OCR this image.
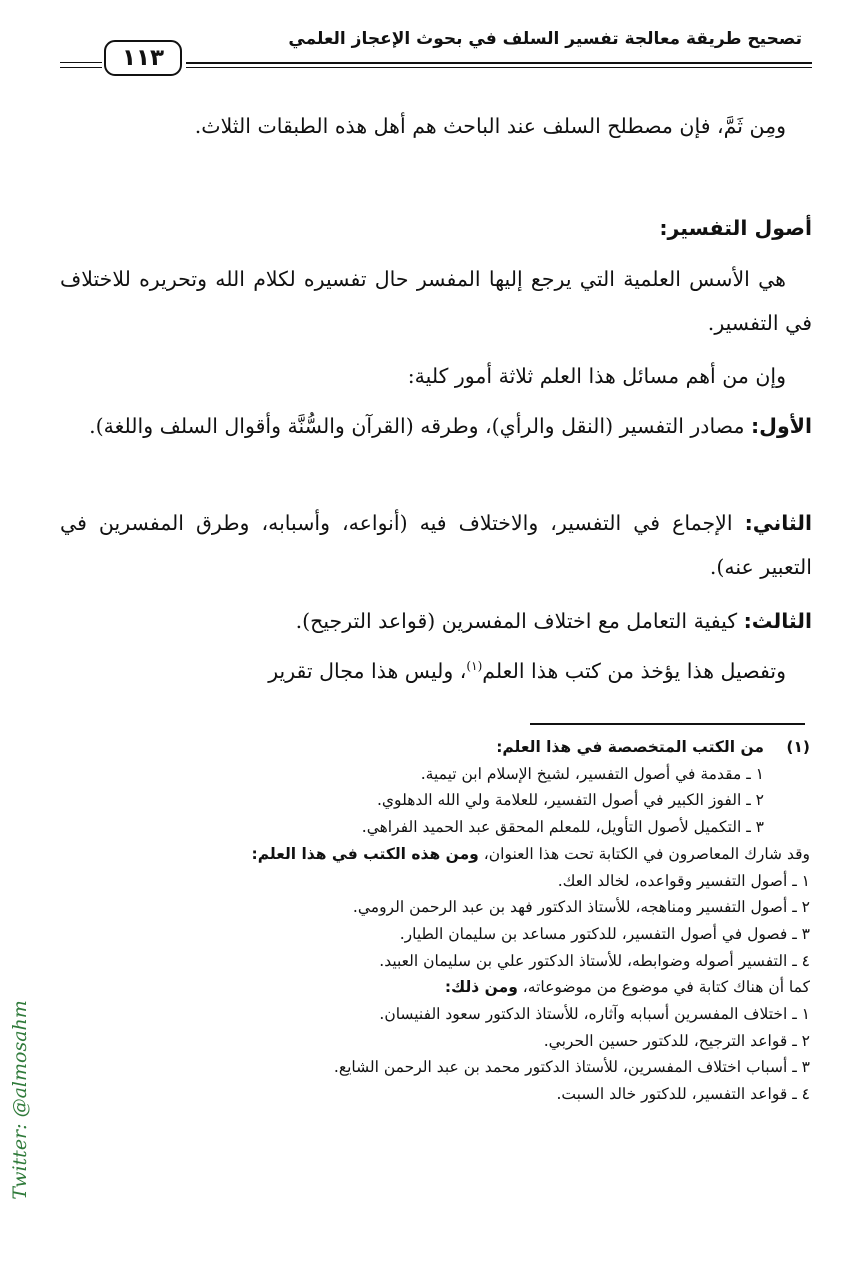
تصحيح طريقة معالجة تفسير السلف في بحوث الإعجاز العلمي
١١٣
ومِن ثَمَّ، فإن مصطلح السلف عند الباحث هم أهل هذه الطبقات الثلاث.
أصول التفسير:
هي الأسس العلمية التي يرجع إليها المفسر حال تفسيره لكلام الله وتحريره للاختلاف في التفسير.
وإن من أهم مسائل هذا العلم ثلاثة أمور كلية:
الأول: مصادر التفسير (النقل والرأي)، وطرقه (القرآن والسُّنَّة وأقوال السلف واللغة).
الثاني: الإجماع في التفسير، والاختلاف فيه (أنواعه، وأسبابه، وطرق المفسرين في التعبير عنه).
الثالث: كيفية التعامل مع اختلاف المفسرين (قواعد الترجيح).
وتفصيل هذا يؤخذ من كتب هذا العلم$^{(١)}$، وليس هذا مجال تقرير
(١)
من الكتب المتخصصة في هذا العلم:
١ ـ مقدمة في أصول التفسير، لشيخ الإسلام ابن تيمية.
٢ ـ الفوز الكبير في أصول التفسير، للعلامة ولي الله الدهلوي.
٣ ـ التكميل لأصول التأويل، للمعلم المحقق عبد الحميد الفراهي.
وقد شارك المعاصرون في الكتابة تحت هذا العنوان، ومن هذه الكتب في هذا العلم:
١ ـ أصول التفسير وقواعده، لخالد العك.
٢ ـ أصول التفسير ومناهجه، للأستاذ الدكتور فهد بن عبد الرحمن الرومي.
٣ ـ فصول في أصول التفسير، للدكتور مساعد بن سليمان الطيار.
٤ ـ التفسير أصوله وضوابطه، للأستاذ الدكتور علي بن سليمان العبيد.
كما أن هناك كتابة في موضوع من موضوعاته، ومن ذلك:
١ ـ اختلاف المفسرين أسبابه وآثاره، للأستاذ الدكتور سعود الفنيسان.
٢ ـ قواعد الترجيح، للدكتور حسين الحربي.
٣ ـ أسباب اختلاف المفسرين، للأستاذ الدكتور محمد بن عبد الرحمن الشايع.
٤ ـ قواعد التفسير، للدكتور خالد السبت.
Twitter: @almosahm
